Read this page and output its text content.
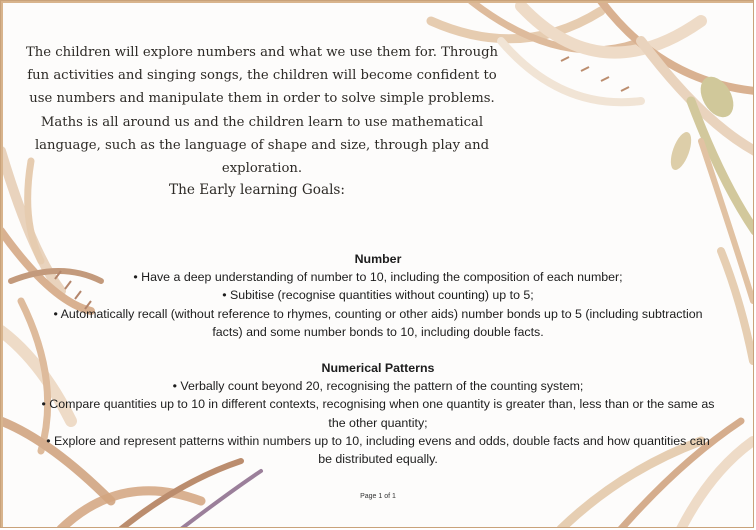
The children will explore numbers and what we use them for. Through fun activities and singing songs, the children will become confident to use numbers and manipulate them in order to solve simple problems. Maths is all around us and the children learn to use mathematical language, such as the language of shape and size, through play and exploration.

The Early learning Goals:

Number

• Have a deep understanding of number to 10, including the composition of each number;

• Subitise (recognise quantities without counting) up to 5;

• Automatically recall (without reference to rhymes, counting or other aids) number bonds up to 5 (including subtraction facts) and some number bonds to 10, including double facts.

Numerical Patterns

• Verbally count beyond 20, recognising the pattern of the counting system;

• Compare quantities up to 10 in different contexts, recognising when one quantity is greater than, less than or the same as the other quantity;

• Explore and represent patterns within numbers up to 10, including evens and odds, double facts and how quantities can be distributed equally.

Page 1 of 1
